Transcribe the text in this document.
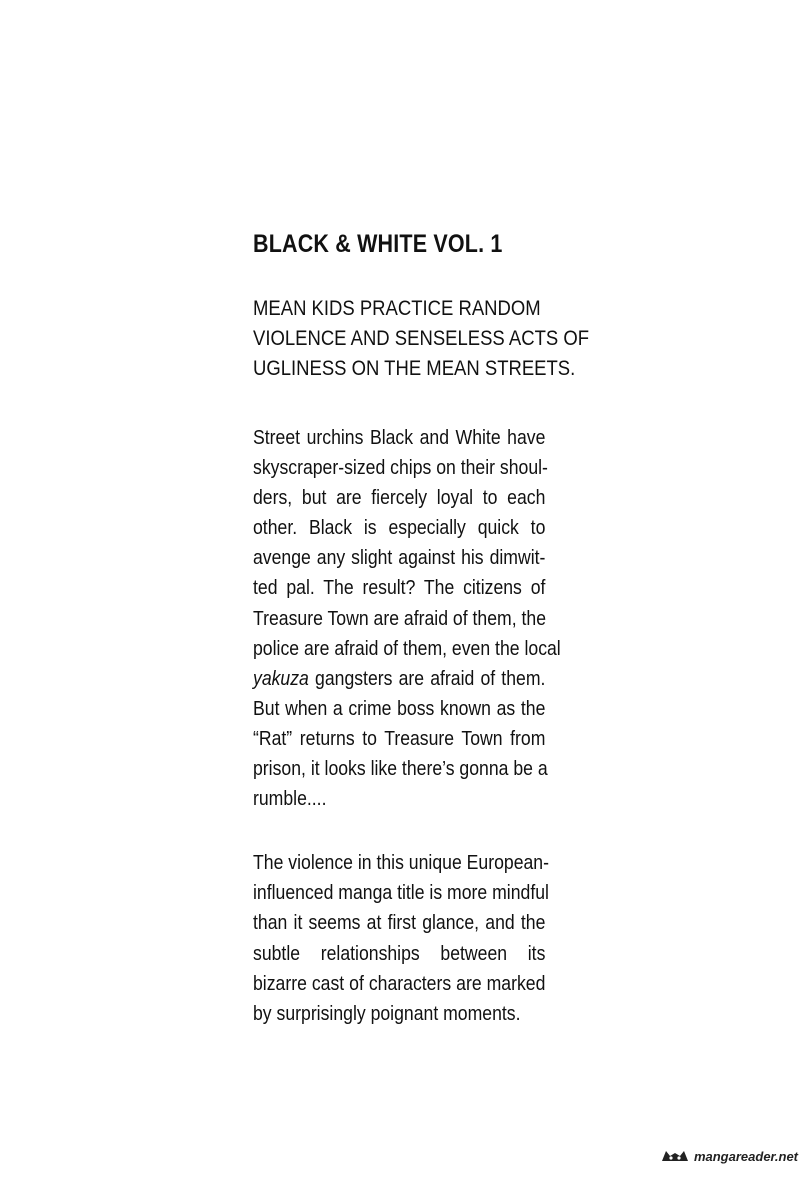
BLACK & WHITE VOL. 1
MEAN KIDS PRACTICE RANDOM
VIOLENCE AND SENSELESS ACTS OF
UGLINESS ON THE MEAN STREETS.
Street urchins Black and White have
skyscraper-sized chips on their shoul-
ders, but are fiercely loyal to each
other. Black is especially quick to
avenge any slight against his dimwit-
ted pal. The result? The citizens of
Treasure Town are afraid of them, the
police are afraid of them, even the local
yakuza gangsters are afraid of them.
But when a crime boss known as the
“Rat” returns to Treasure Town from
prison, it looks like there’s gonna be a
rumble....
The violence in this unique European-
influenced manga title is more mindful
than it seems at first glance, and the
subtle relationships between its
bizarre cast of characters are marked
by surprisingly poignant moments.
mangareader.net
